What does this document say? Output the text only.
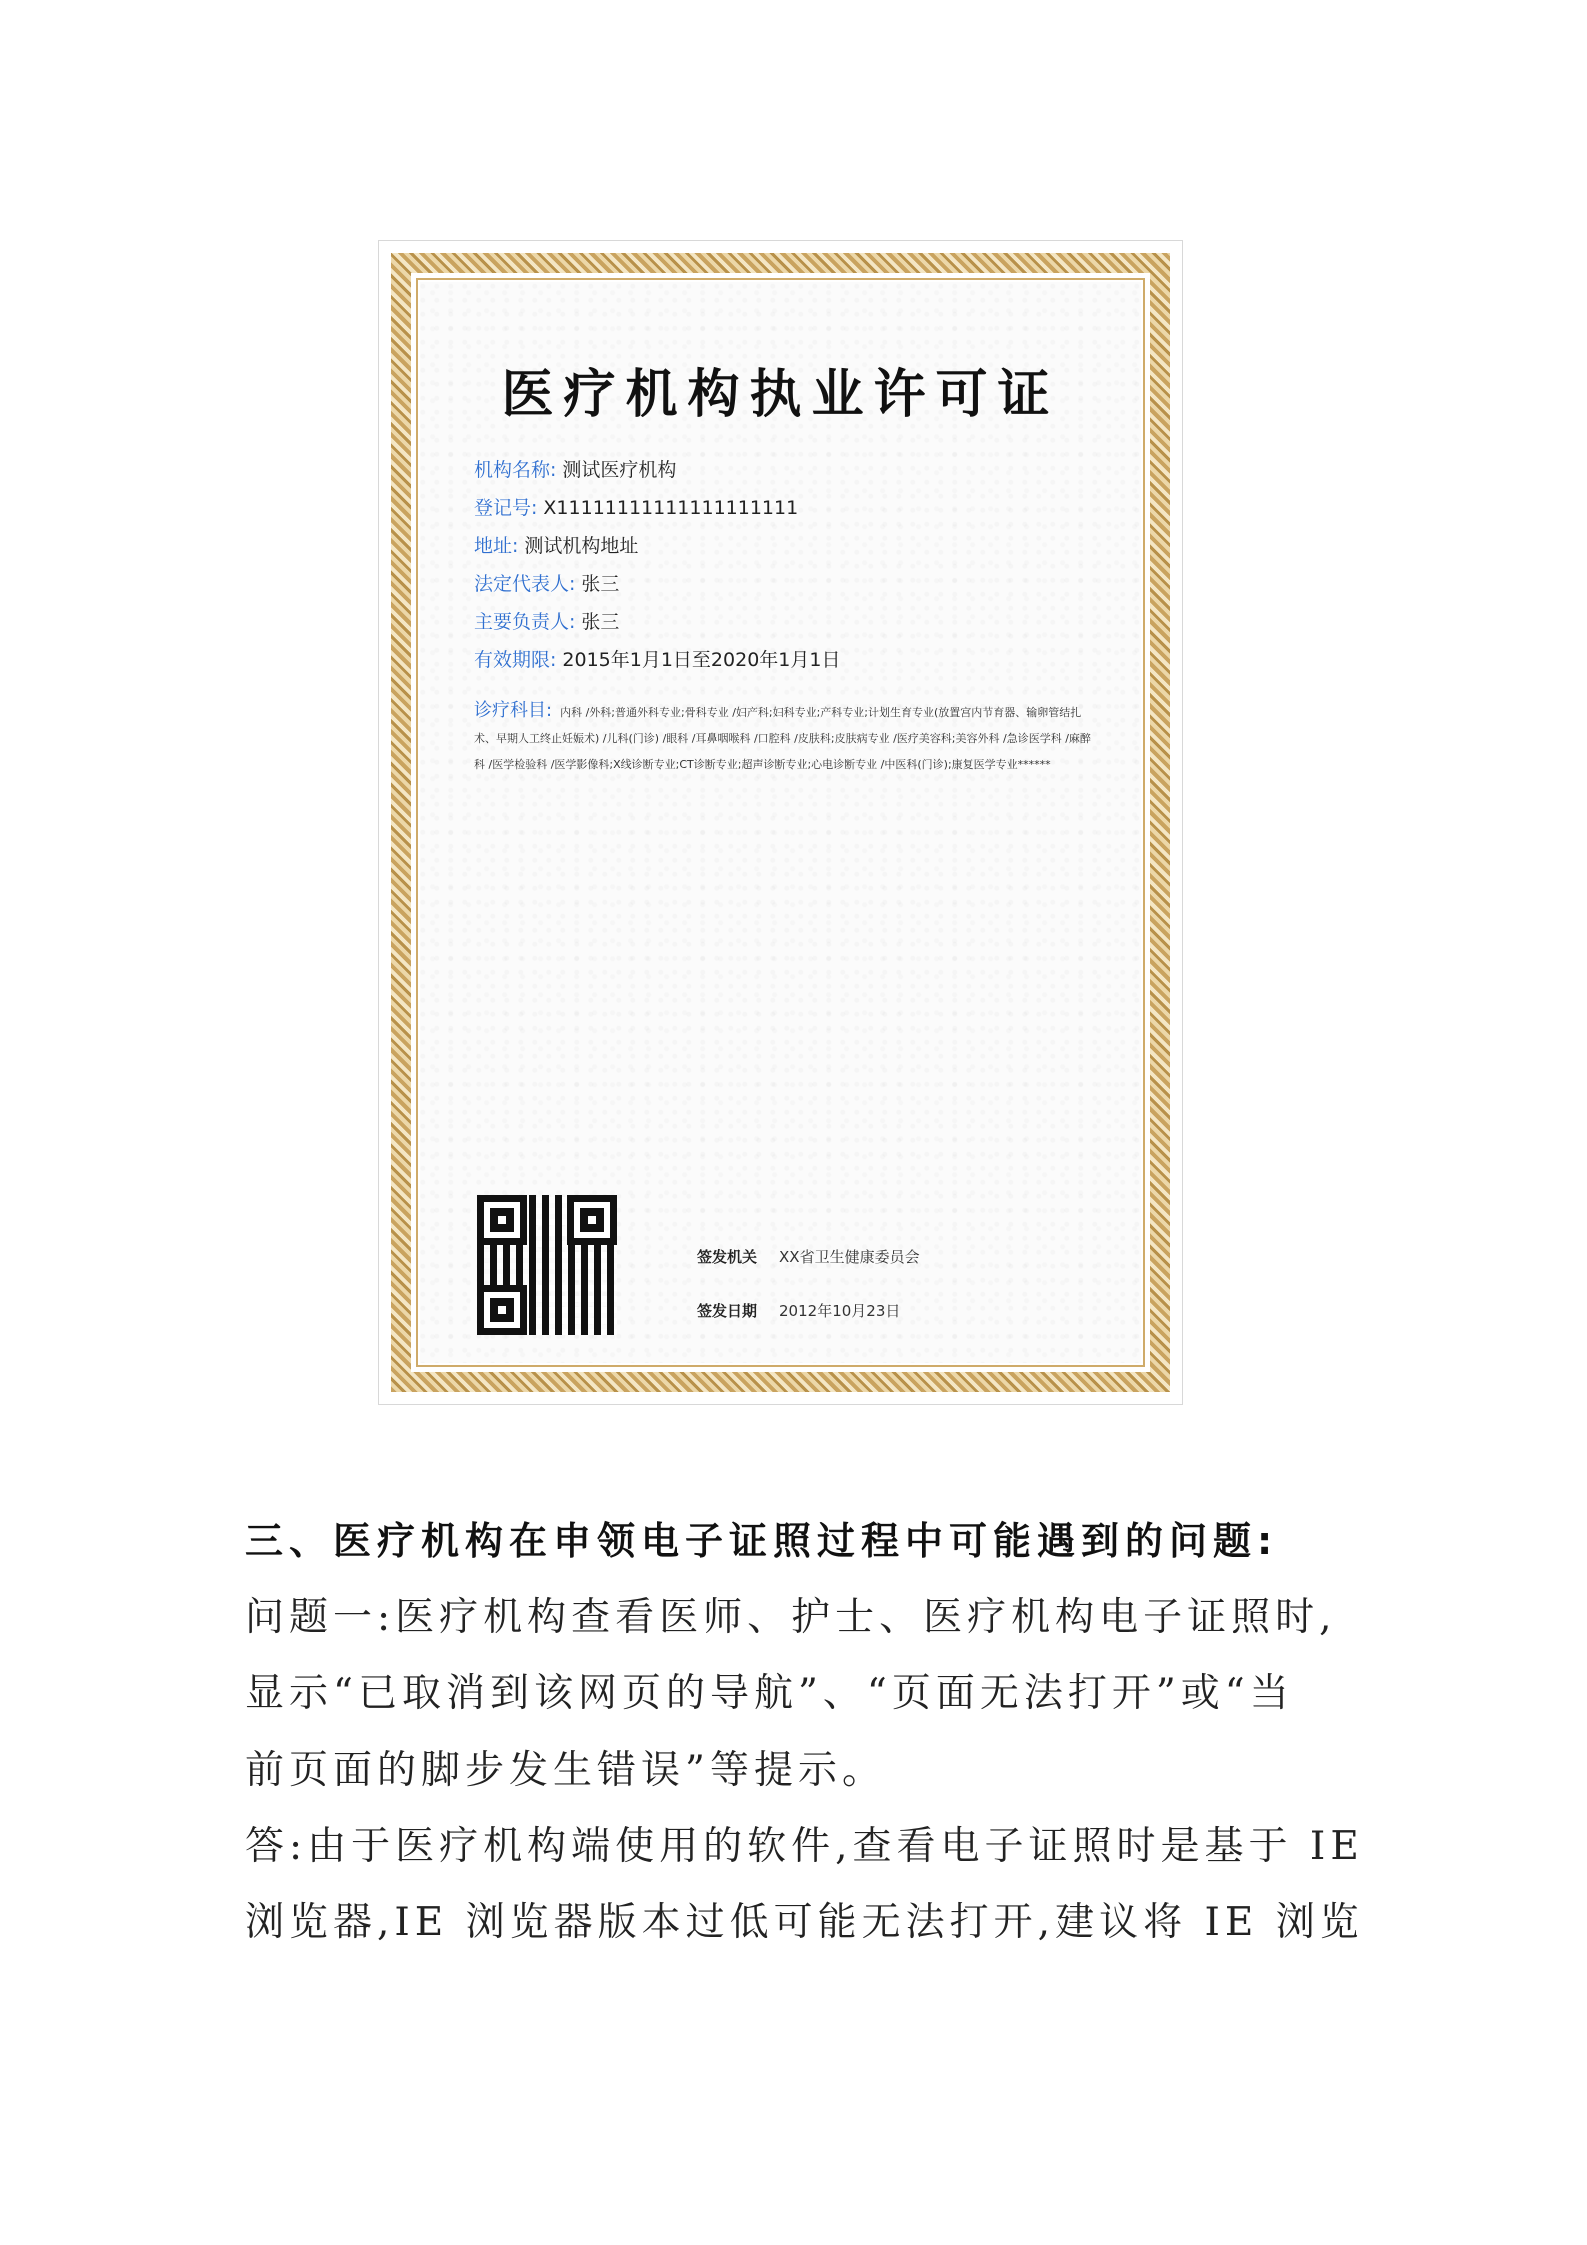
医疗机构执业许可证
机构名称: 测试医疗机构
登记号: X11111111111111111111
地址: 测试机构地址
法定代表人: 张三
主要负责人: 张三
有效期限: 2015年1月1日至2020年1月1日
诊疗科目: 内科 /外科;普通外科专业;骨科专业 /妇产科;妇科专业;产科专业;计划生育专业(放置宫内节育器、输卵管结扎术、早期人工终止妊娠术) /儿科(门诊) /眼科 /耳鼻咽喉科 /口腔科 /皮肤科;皮肤病专业 /医疗美容科;美容外科 /急诊医学科 /麻醉科 /医学检验科 /医学影像科;X线诊断专业;CT诊断专业;超声诊断专业;心电诊断专业 /中医科(门诊);康复医学专业******
签发机关 XX省卫生健康委员会
签发日期 2012年10月23日
三、医疗机构在申领电子证照过程中可能遇到的问题:
问题一:医疗机构查看医师、护士、医疗机构电子证照时,
显示“已取消到该网页的导航”、“页面无法打开”或“当
前页面的脚步发生错误”等提示。
答:由于医疗机构端使用的软件,查看电子证照时是基于 IE
浏览器,IE 浏览器版本过低可能无法打开,建议将 IE 浏览
